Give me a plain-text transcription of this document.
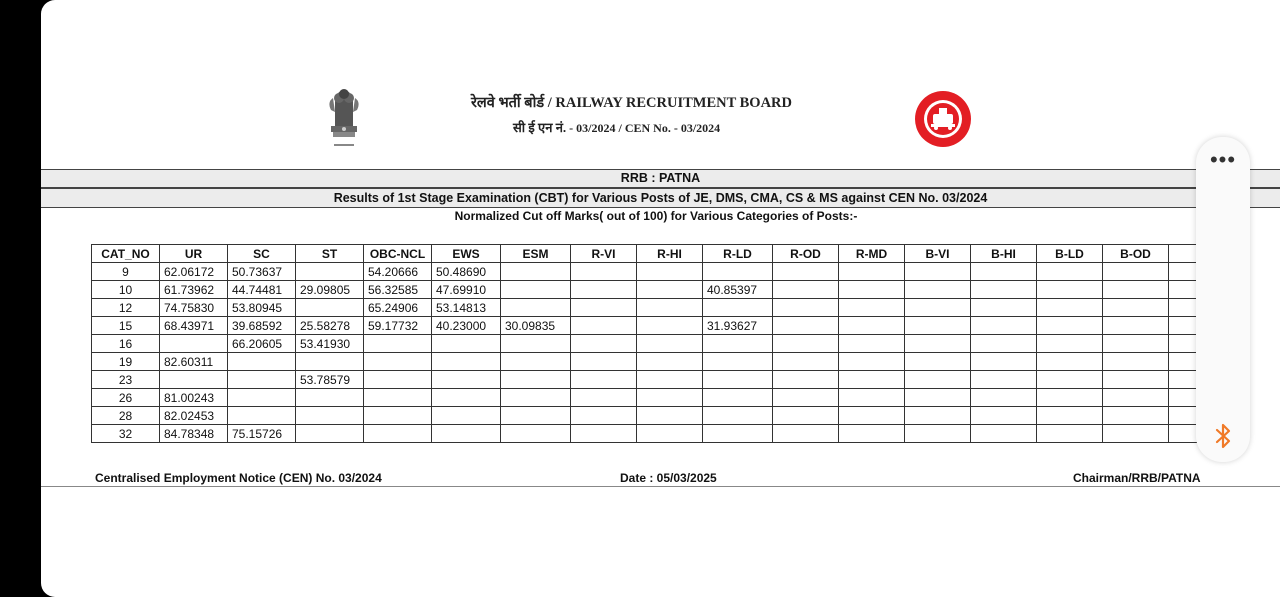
रेलवे भर्ती बोर्ड / RAILWAY RECRUITMENT BOARD
सी ई एन नं. - 03/2024 / CEN No. - 03/2024
RRB : PATNA
Results of 1st Stage Examination (CBT) for Various Posts of JE, DMS, CMA, CS & MS against CEN No. 03/2024
Normalized Cut off Marks( out of 100) for Various Categories of Posts:-
CAT_NO	UR	SC	ST	OBC-NCL	EWS	ESM	R-VI	R-HI	R-LD	R-OD	R-MD	B-VI	B-HI	B-LD	B-OD	
9	62.06172	50.73637		54.20666	50.48690											
10	61.73962	44.74481	29.09805	56.32585	47.69910				40.85397							
12	74.75830	53.80945		65.24906	53.14813											
15	68.43971	39.68592	25.58278	59.17732	40.23000	30.09835			31.93627							
16		66.20605	53.41930													
19	82.60311															
23			53.78579													
26	81.00243															
28	82.02453															
32	84.78348	75.15726														
Centralised Employment Notice (CEN) No. 03/2024	Date : 05/03/2025	Chairman/RRB/PATNA
•••
